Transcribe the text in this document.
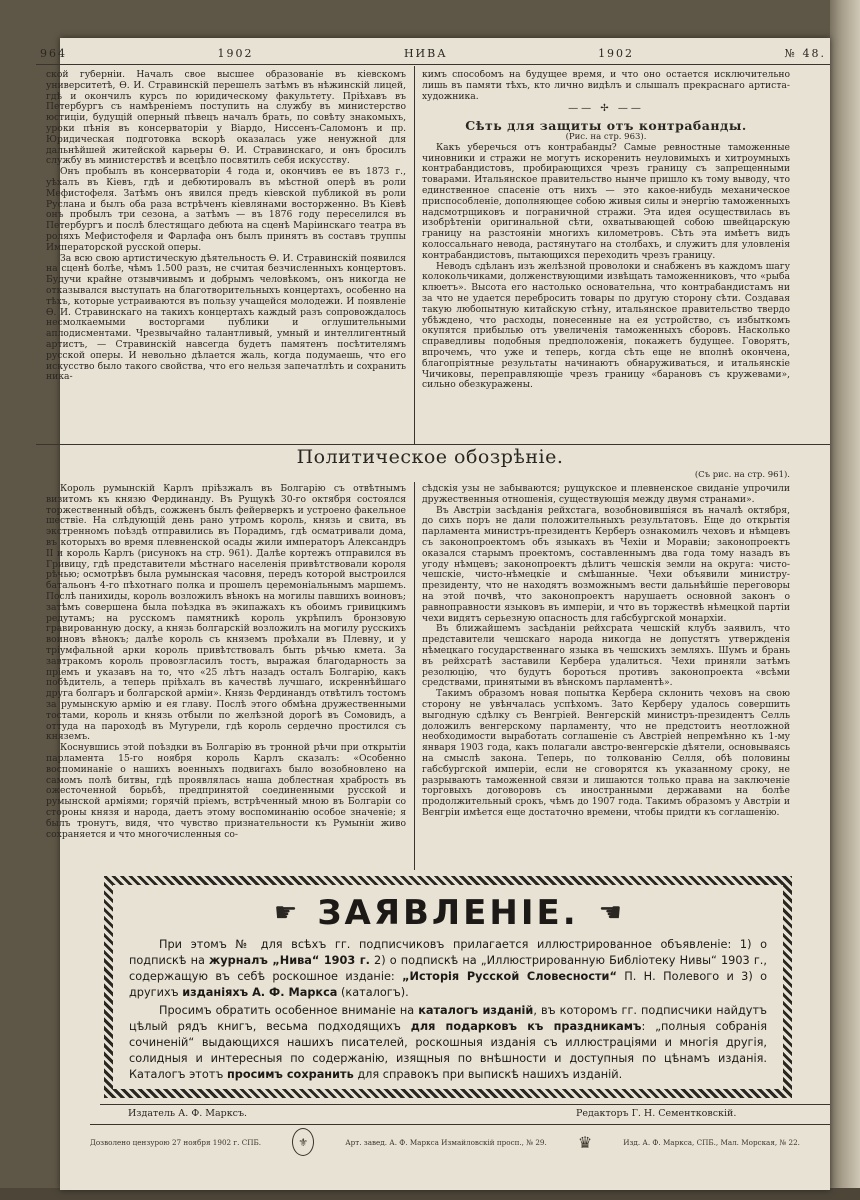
964	1902	НИВА	1902	№ 48.

ской губерніи. Началъ свое высшее образованіе въ кіевскомъ университетѣ, Ө. И. Стравинскій перешелъ затѣмъ въ нѣжинскій лицей, гдѣ и окончилъ курсъ по юридическому факультету. Пріѣхавъ въ Петербургъ съ намѣреніемъ поступить на службу въ министерство юстиціи, будущій оперный пѣвецъ началъ брать, по совѣту знакомыхъ, уроки пѣнія въ консерваторіи у Віардо, Ниссенъ-Саломонъ и пр. Юридическая подготовка вскорѣ оказалась уже ненужной для дальнѣйшей житейской карьеры Ө. И. Стравинскаго, и онъ бросилъ службу въ министерствѣ и всецѣло посвятилъ себя искусству.

Онъ пробылъ въ консерваторіи 4 года и, окончивъ ее въ 1873 г., уѣхалъ въ Кіевъ, гдѣ и дебютировалъ въ мѣстной оперѣ въ роли Мефистофеля. Затѣмъ онъ явился предъ кіевской публикой въ роли Руслана и былъ оба раза встрѣченъ кіевлянами восторженно. Въ Кіевѣ онъ пробылъ три сезона, а затѣмъ — въ 1876 году переселился въ Петербургъ и послѣ блестящаго дебюта на сценѣ Маріинскаго театра въ роляхъ Мефистофеля и Фарлафа онъ былъ принятъ въ составъ труппы Императорской русской оперы.

За всю свою артистическую дѣятельность Ө. И. Стравинскій появился на сценѣ болѣе, чѣмъ 1.500 разъ, не считая безчисленныхъ концертовъ. Будучи крайне отзывчивымъ и добрымъ человѣкомъ, онъ никогда не отказывался выступать на благотворительныхъ концертахъ, особенно на тѣхъ, которые устраиваются въ пользу учащейся молодежи. И появленіе Ө. И. Стравинскаго на такихъ концертахъ каждый разъ сопровождалось несмолкаемыми восторгами публики и оглушительными аплодисментами. Чрезвычайно талантливый, умный и интеллигентный артистъ, — Стравинскій навсегда будетъ памятенъ посѣтителямъ русской оперы. И невольно дѣлается жаль, когда подумаешь, что его искусство было такого свойства, что его нельзя запечатлѣть и сохранить ника-

кимъ способомъ на будущее время, и что оно остается исключительно лишь въ памяти тѣхъ, кто лично видѣлъ и слышалъ прекраснаго артиста-художника.

—— ✢ ——

Сѣть для защиты отъ контрабанды.

(Рис. на стр. 963).

Какъ уберечься отъ контрабанды? Самые ревностные таможенные чиновники и стражи не могутъ искоренить неуловимыхъ и хитроумныхъ контрабандистовъ, пробирающихся чрезъ границу съ запрещенными товарами. Итальянское правительство нынче пришло къ тому выводу, что единственное спасеніе отъ нихъ — это какое-нибудь механическое приспособленіе, дополняющее собою живыя силы и энергію таможенныхъ надсмотрщиковъ и пограничной стражи. Эта идея осуществилась въ изобрѣтеніи оригинальной сѣти, охватывающей собою швейцарскую границу на разстояніи многихъ километровъ. Сѣть эта имѣетъ видъ колоссальнаго невода, растянутаго на столбахъ, и служитъ для уловленія контрабандистовъ, пытающихся переходить чрезъ границу.

Неводъ сдѣланъ изъ желѣзной проволоки и снабженъ въ каждомъ шагу колокольчиками, долженствующими извѣщать таможенниковъ, что «рыба клюетъ». Высота его настолько основательна, что контрабандистамъ ни за что не удается перебросить товары по другую сторону сѣти. Создавая такую любопытную китайскую стѣну, итальянское правительство твердо убѣждено, что расходы, понесенные на ея устройство, съ избыткомъ окупятся прибылью отъ увеличенія таможенныхъ сборовъ. Насколько справедливы подобныя предположенія, покажетъ будущее. Говорятъ, впрочемъ, что уже и теперь, когда сѣть еще не вполнѣ окончена, благопріятные результаты начинаютъ обнаруживаться, и итальянскіе Чичиковы, переправляющіе чрезъ границу «барановъ съ кружевами», сильно обезкуражены.

Политическое обозрѣніе.
(Съ рис. на стр. 961).

Король румынскій Карлъ пріѣзжалъ въ Болгарію съ отвѣтнымъ визитомъ къ князю Фердинанду. Въ Рущукѣ 30-го октября состоялся торжественный обѣдъ, сожженъ былъ фейерверкъ и устроено факельное шествіе. На слѣдующій день рано утромъ король, князь и свита, въ экстренномъ поѣздѣ отправились въ Порадимъ, гдѣ осматривали дома, въ которыхъ во время плевненской осады жили императоръ Александръ II и король Карлъ (рисунокъ на стр. 961). Далѣе кортежъ отправился въ Гривицу, гдѣ представители мѣстнаго населенія привѣтствовали короля рѣчью; осмотрѣвъ была румынская часовня, передъ которой выстроился батальонъ 4-го пѣхотнаго полка и прошелъ церемоніальнымъ маршемъ. Послѣ панихиды, король возложилъ вѣнокъ на могилы павшихъ воиновъ; затѣмъ совершена была поѣздка въ экипажахъ къ обоимъ гривицкимъ редутамъ; на русскомъ памятникѣ король укрѣпилъ бронзовую гравированную доску, а князь болгарскій возложилъ на могилу русскихъ воиновъ вѣнокъ; далѣе король съ княземъ проѣхали въ Плевну, и у тріумфальной арки король привѣтствовалъ быть рѣчью кмета. За завтракомъ король провозгласилъ тостъ, выражая благодарность за пріемъ и указавъ на то, что «25 лѣтъ назадъ осталъ Болгарію, какъ побѣдитель, а теперь пріѣхалъ въ качествѣ лучшаго, искреннѣйшаго друга болгаръ и болгарской арміи». Князь Фердинандъ отвѣтилъ тостомъ за румынскую армію и ея главу. Послѣ этого обмѣна дружественными тостами, король и князь отбыли по желѣзной дорогѣ въ Сомовидъ, а оттуда на пароходѣ въ Мугурели, гдѣ король сердечно простился съ княземъ.

Коснувшись этой поѣздки въ Болгарію въ тронной рѣчи при открытіи парламента 15-го ноября король Карлъ сказалъ: «Особенно воспоминаніе о нашихъ военныхъ подвигахъ было возобновлено на самомъ полѣ битвы, гдѣ проявлялась наша доблестная храбрость въ ожесточенной борьбѣ, предпринятой соединенными русской и румынской арміями; горячій пріемъ, встрѣченный мною въ Болгаріи со стороны князя и народа, даетъ этому воспоминанію особое значеніе; я былъ тронутъ, видя, что чувство признательности къ Румыніи живо сохраняется и что многочисленныя со-

сѣдскія узы не забываются; рущукское и плевненское свиданіе упрочили дружественныя отношенія, существующія между двумя странами».

Въ Австріи засѣданія рейхстага, возобновившіяся въ началѣ октября, до сихъ поръ не дали положительныхъ результатовъ. Еще до открытія парламента министръ-президентъ Керберъ ознакомилъ чеховъ и нѣмцевъ съ законопроектомъ объ языкахъ въ Чехіи и Моравіи; законопроектъ оказался старымъ проектомъ, составленнымъ два года тому назадъ въ угоду нѣмцевъ; законопроектъ дѣлитъ чешскія земли на округа: чисто-чешскіе, чисто-нѣмецкіе и смѣшанные. Чехи объявили министру-президенту, что не находятъ возможнымъ вести дальнѣйшіе переговоры на этой почвѣ, что законопроектъ нарушаетъ основной законъ о равноправности языковъ въ имперіи, и что въ торжествѣ нѣмецкой партіи чехи видятъ серьезную опасность для габсбургской монархіи.

Въ ближайшемъ засѣданіи рейхсрата чешскій клубъ заявилъ, что представители чешскаго народа никогда не допустятъ утвержденія нѣмецкаго государственнаго языка въ чешскихъ земляхъ. Шумъ и брань въ рейхсратѣ заставили Кербера удалиться. Чехи приняли затѣмъ резолюцію, что будутъ бороться противъ законопроекта «всѣми средствами, принятыми въ вѣнскомъ парламентѣ».

Такимъ образомъ новая попытка Кербера склонить чеховъ на свою сторону не увѣнчалась успѣхомъ. Зато Керберу удалось совершить выгодную сдѣлку съ Венгріей. Венгерскій министръ-президентъ Селль доложилъ венгерскому парламенту, что не предстоитъ неотложной необходимости выработать соглашеніе съ Австріей непремѣнно къ 1-му января 1903 года, какъ полагали австро-венгерскіе дѣятели, основываясь на смыслѣ закона. Теперь, по толкованію Селля, обѣ половины габсбургской имперіи, если не сговорятся къ указанному сроку, не разрываютъ таможенной связи и лишаются только права на заключеніе торговыхъ договоровъ съ иностранными державами на болѣе продолжительный срокъ, чѣмъ до 1907 года. Такимъ образомъ у Австріи и Венгріи имѣется еще достаточно времени, чтобы придти къ соглашенію.

☛ ЗАЯВЛЕНІЕ. ☚

При этомъ № для всѣхъ гг. подписчиковъ прилагается иллюстрированное объявленіе: 1) о подпискѣ на журналъ „Нива“ 1903 г. 2) о подпискѣ на „Иллюстрированную Библіотеку Нивы“ 1903 г., содержащую въ себѣ роскошное изданіе: „Исторія Русской Словесности“ П. Н. Полевого и 3) о другихъ изданіяхъ А. Ф. Маркса (каталогъ).

Просимъ обратить особенное вниманіе на каталогъ изданій, въ которомъ гг. подписчики найдутъ цѣлый рядъ книгъ, весьма подходящихъ для подарковъ къ праздникамъ: „полныя собранія сочиненій“ выдающихся нашихъ писателей, роскошныя изданія съ иллюстраціями и многія другія, солидныя и интересныя по содержанію, изящныя по внѣшности и доступныя по цѣнамъ изданія. Каталогъ этотъ просимъ сохранить для справокъ при выпискѣ нашихъ изданій.

Издатель А. Ф. Марксъ.	Редакторъ Г. Н. Сементковскій.
Дозволено цензурою 27 ноября 1902 г. СПБ.	⚜	Арт. завед. А. Ф. Маркса Измайловскій просп., № 29. ♛	Изд. А. Ф. Маркса, СПБ., Мал. Морская, № 22.
